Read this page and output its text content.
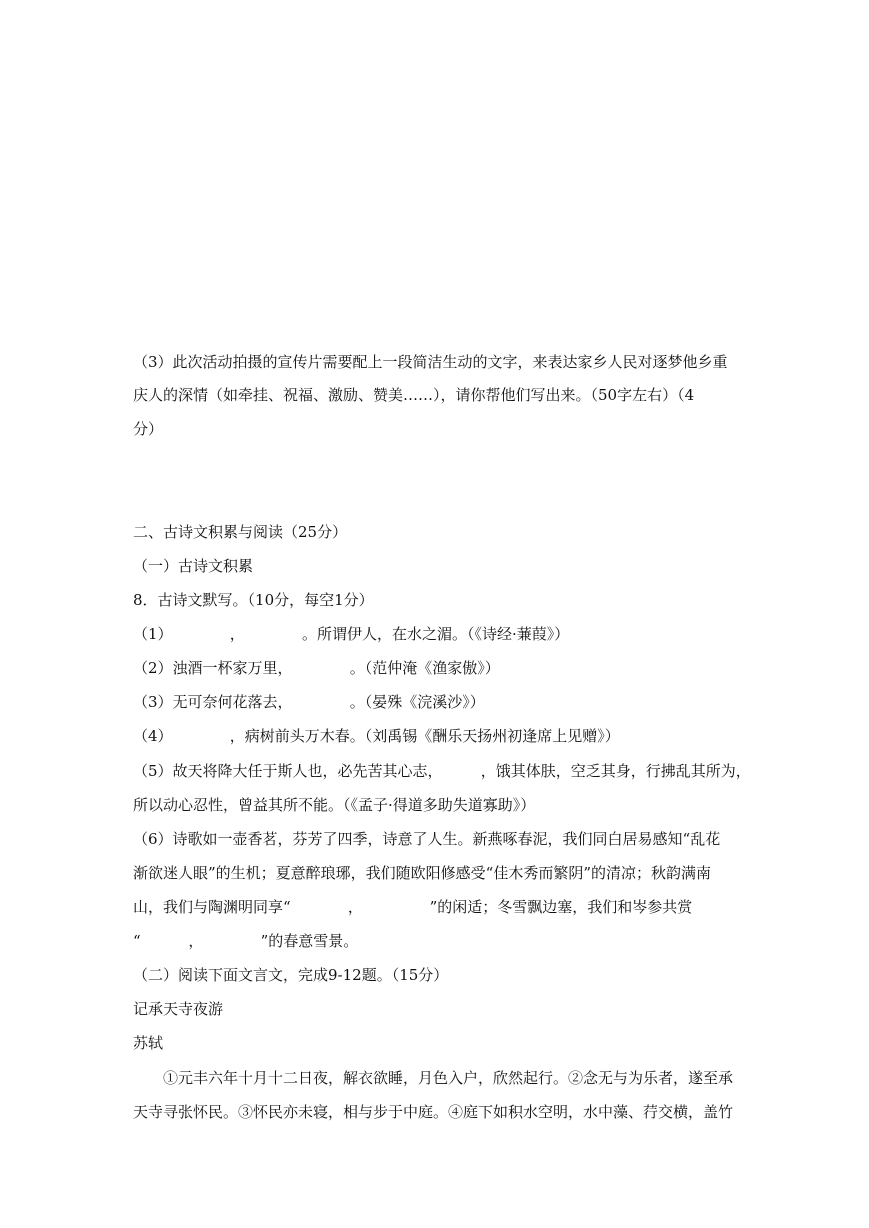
（3）此次活动拍摄的宣传片需要配上一段简洁生动的文字，来表达家乡人民对逐梦他乡重
庆人的深情（如牵挂、祝福、激励、赞美……），请你帮他们写出来。（50字左右）（4
分）
二、古诗文积累与阅读（25分）
（一）古诗文积累
8．古诗文默写。（10分，每空1分）
（1）            ，            。所谓伊人，在水之湄。（《诗经·蒹葭》）
（2）浊酒一杯家万里，            。（范仲淹《渔家傲》）
（3）无可奈何花落去，            。（晏殊《浣溪沙》）
（4）            ，病树前头万木春。（刘禹锡《酬乐天扬州初逢席上见赠》）
（5）故天将降大任于斯人也，必先苦其心志，        ，饿其体肤，空乏其身，行拂乱其所为，
所以动心忍性，曾益其所不能。（《孟子·得道多助失道寡助》）
（6）诗歌如一壶香茗，芬芳了四季，诗意了人生。新燕啄春泥，我们同白居易感知“乱花
渐欲迷人眼”的生机；夏意醉琅琊，我们随欧阳修感受“佳木秀而繁阴”的清凉；秋韵满南
山，我们与陶渊明同享“            ，              ”的闲适；冬雪飘边塞，我们和岑参共赏
“          ，            ”的春意雪景。
（二）阅读下面文言文，完成9-12题。（15分）
记承天寺夜游
苏轼
①元丰六年十月十二日夜，解衣欲睡，月色入户，欣然起行。②念无与为乐者，遂至承
天寺寻张怀民。③怀民亦未寝，相与步于中庭。④庭下如积水空明，水中藻、荇交横，盖竹
